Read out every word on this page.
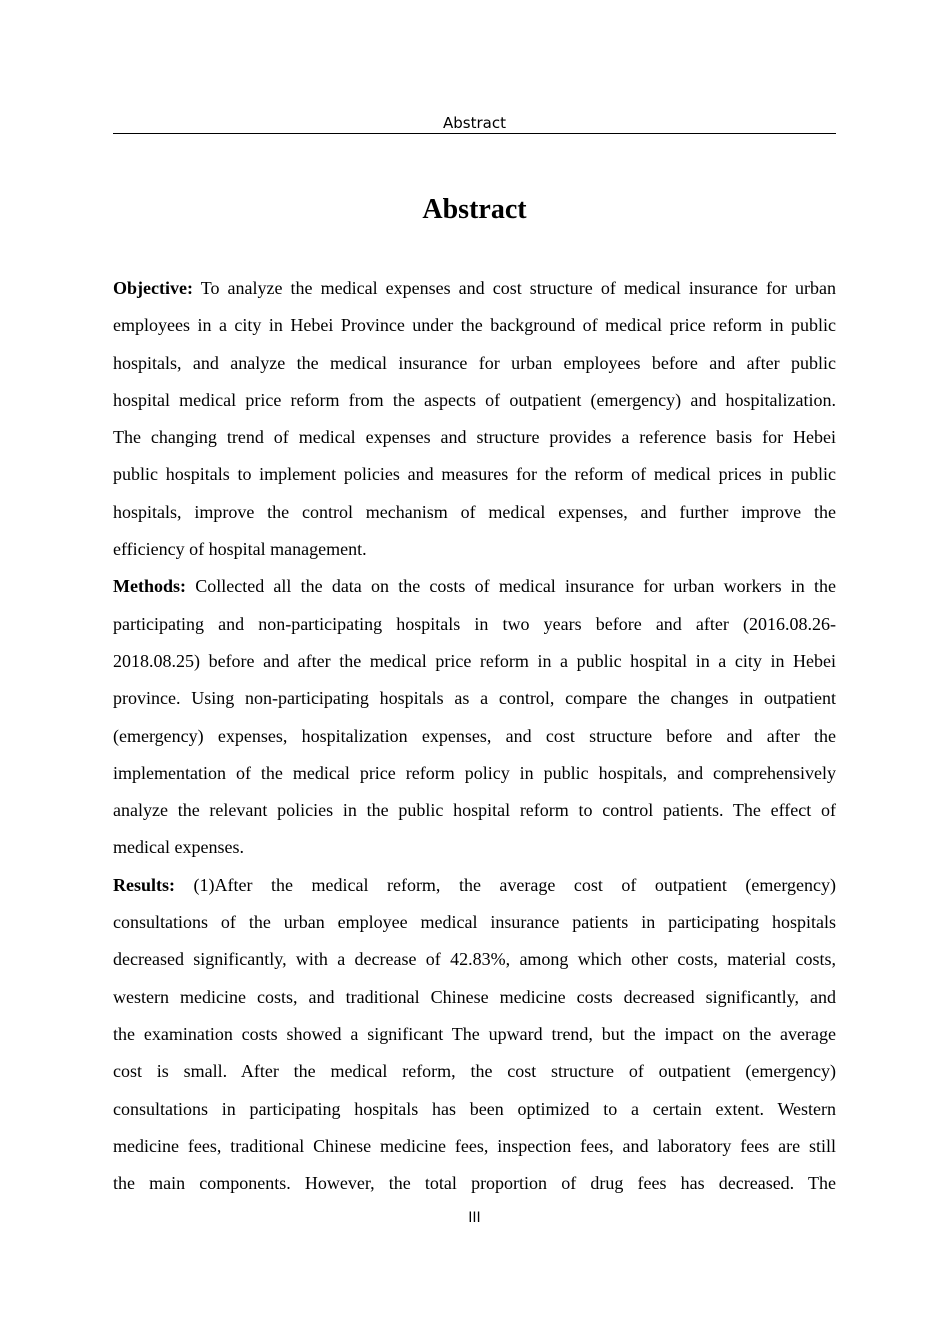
Abstract
Abstract
Objective: To analyze the medical expenses and cost structure of medical insurance for urban
employees in a city in Hebei Province under the background of medical price reform in public
hospitals, and analyze the medical insurance for urban employees before and after public
hospital medical price reform from the aspects of outpatient (emergency) and hospitalization.
The changing trend of medical expenses and structure provides a reference basis for Hebei
public hospitals to implement policies and measures for the reform of medical prices in public
hospitals, improve the control mechanism of medical expenses, and further improve the
efficiency of hospital management.
Methods: Collected all the data on the costs of medical insurance for urban workers in the
participating and non-participating hospitals in two years before and after (2016.08.26-
2018.08.25) before and after the medical price reform in a public hospital in a city in Hebei
province. Using non-participating hospitals as a control, compare the changes in outpatient
(emergency) expenses, hospitalization expenses, and cost structure before and after the
implementation of the medical price reform policy in public hospitals, and comprehensively
analyze the relevant policies in the public hospital reform to control patients. The effect of
medical expenses.
Results: (1)After the medical reform, the average cost of outpatient (emergency)
consultations of the urban employee medical insurance patients in participating hospitals
decreased significantly, with a decrease of 42.83%, among which other costs, material costs,
western medicine costs, and traditional Chinese medicine costs decreased significantly, and
the examination costs showed a significant The upward trend, but the impact on the average
cost is small. After the medical reform, the cost structure of outpatient (emergency)
consultations in participating hospitals has been optimized to a certain extent. Western
medicine fees, traditional Chinese medicine fees, inspection fees, and laboratory fees are still
the main components. However, the total proportion of drug fees has decreased. The
III
